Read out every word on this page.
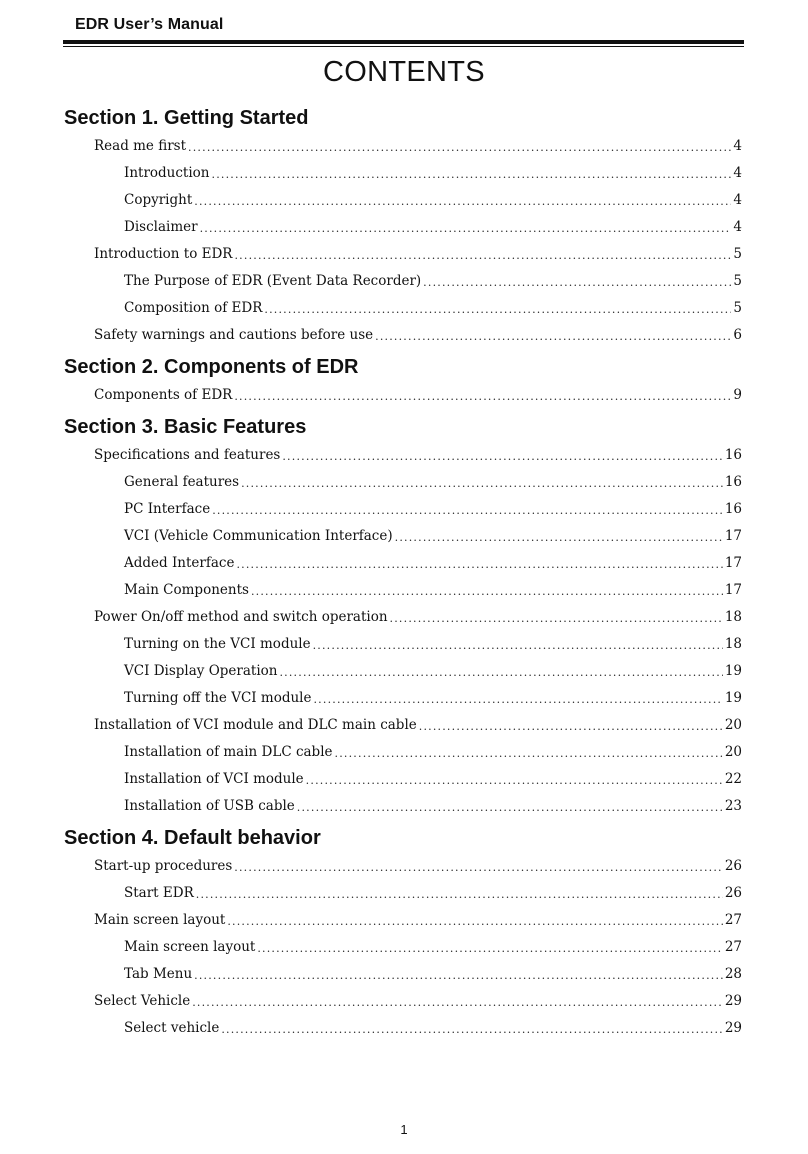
EDR User’s Manual
CONTENTS
Section 1. Getting Started
Read me first .....	4
Introduction .....	4
Copyright .....	4
Disclaimer .....	4
Introduction to EDR .....	5
The Purpose of EDR (Event Data Recorder) .....	5
Composition of EDR .....	5
Safety warnings and cautions before use .....	6
Section 2. Components of EDR
Components of EDR .....	9
Section 3. Basic Features
Specifications and features .....	16
General features .....	16
PC Interface .....	16
VCI (Vehicle Communication Interface) .....	17
Added Interface .....	17
Main Components .....	17
Power On/off method and switch operation .....	18
Turning on the VCI module .....	18
VCI Display Operation .....	19
Turning off the VCI module .....	19
Installation of VCI module and DLC main cable .....	20
Installation of main DLC cable .....	20
Installation of VCI module .....	22
Installation of USB cable .....	23
Section 4. Default behavior
Start-up procedures .....	26
Start EDR .....	26
Main screen layout .....	27
Main screen layout .....	27
Tab Menu .....	28
Select Vehicle .....	29
Select vehicle .....	29
1
